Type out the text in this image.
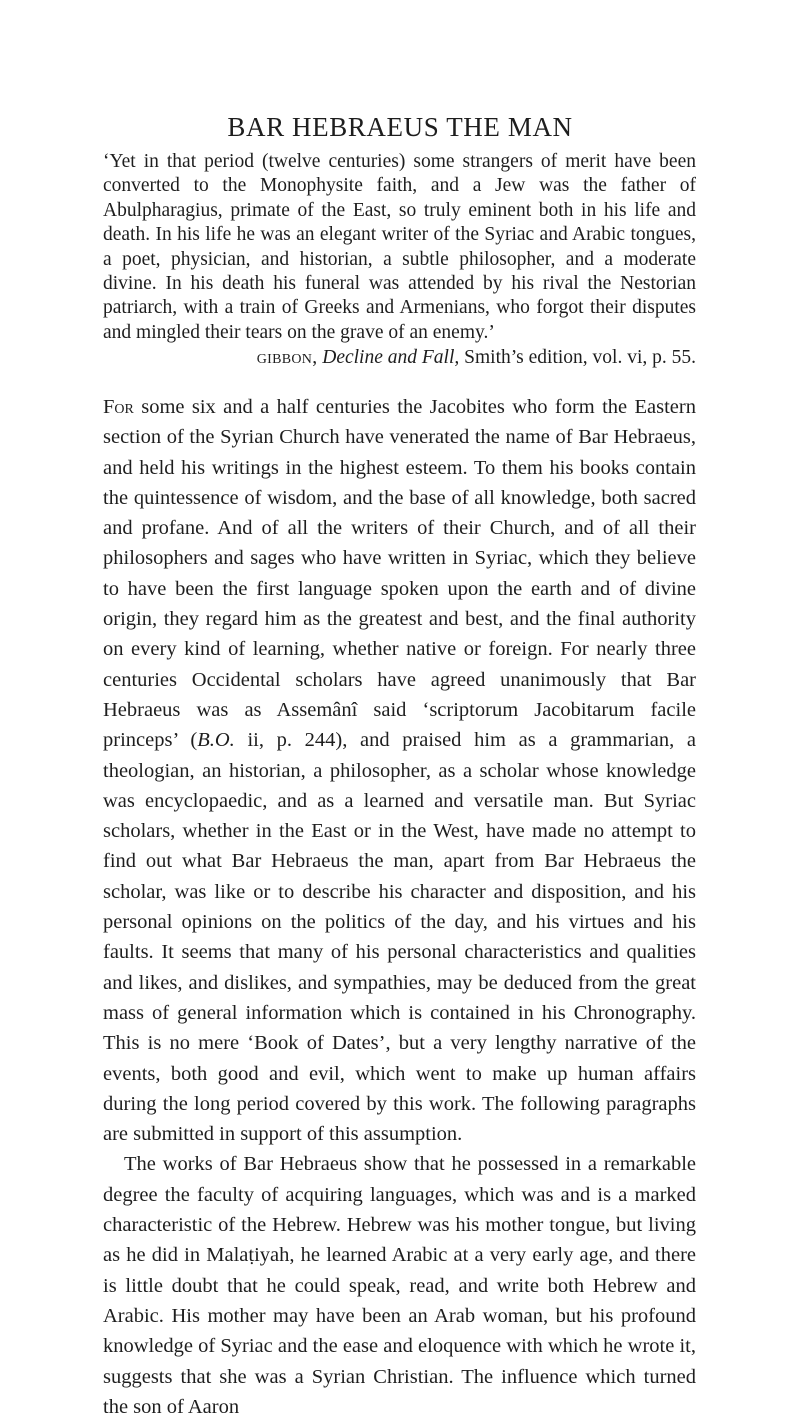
BAR HEBRAEUS THE MAN

‘Yet in that period (twelve centuries) some strangers of merit have been converted to the Monophysite faith, and a Jew was the father of Abulpharagius, primate of the East, so truly eminent both in his life and death. In his life he was an elegant writer of the Syriac and Arabic tongues, a poet, physician, and historian, a subtle philosopher, and a moderate divine. In his death his funeral was attended by his rival the Nestorian patriarch, with a train of Greeks and Armenians, who forgot their disputes and mingled their tears on the grave of an enemy.’

gibbon, Decline and Fall, Smith’s edition, vol. vi, p. 55.

For some six and a half centuries the Jacobites who form the Eastern section of the Syrian Church have venerated the name of Bar Hebraeus, and held his writings in the highest esteem. To them his books contain the quintessence of wisdom, and the base of all knowledge, both sacred and profane. And of all the writers of their Church, and of all their philosophers and sages who have written in Syriac, which they believe to have been the first language spoken upon the earth and of divine origin, they regard him as the greatest and best, and the final authority on every kind of learning, whether native or foreign. For nearly three centuries Occidental scholars have agreed unanimously that Bar Hebraeus was as Assemânî said ‘scriptorum Jacobitarum facile princeps’ (B.O. ii, p. 244), and praised him as a grammarian, a theologian, an historian, a philosopher, as a scholar whose knowledge was encyclopaedic, and as a learned and versatile man. But Syriac scholars, whether in the East or in the West, have made no attempt to find out what Bar Hebraeus the man, apart from Bar Hebraeus the scholar, was like or to describe his character and disposition, and his personal opinions on the politics of the day, and his virtues and his faults. It seems that many of his personal characteristics and qualities and likes, and dislikes, and sympathies, may be deduced from the great mass of general information which is contained in his Chronography. This is no mere ‘Book of Dates’, but a very lengthy narrative of the events, both good and evil, which went to make up human affairs during the long period covered by this work. The following paragraphs are submitted in support of this assumption.

The works of Bar Hebraeus show that he possessed in a remarkable degree the faculty of acquiring languages, which was and is a marked characteristic of the Hebrew. Hebrew was his mother tongue, but living as he did in Malaṭiyah, he learned Arabic at a very early age, and there is little doubt that he could speak, read, and write both Hebrew and Arabic. His mother may have been an Arab woman, but his profound knowledge of Syriac and the ease and eloquence with which he wrote it, suggests that she was a Syrian Christian. The influence which turned the son of Aaron
